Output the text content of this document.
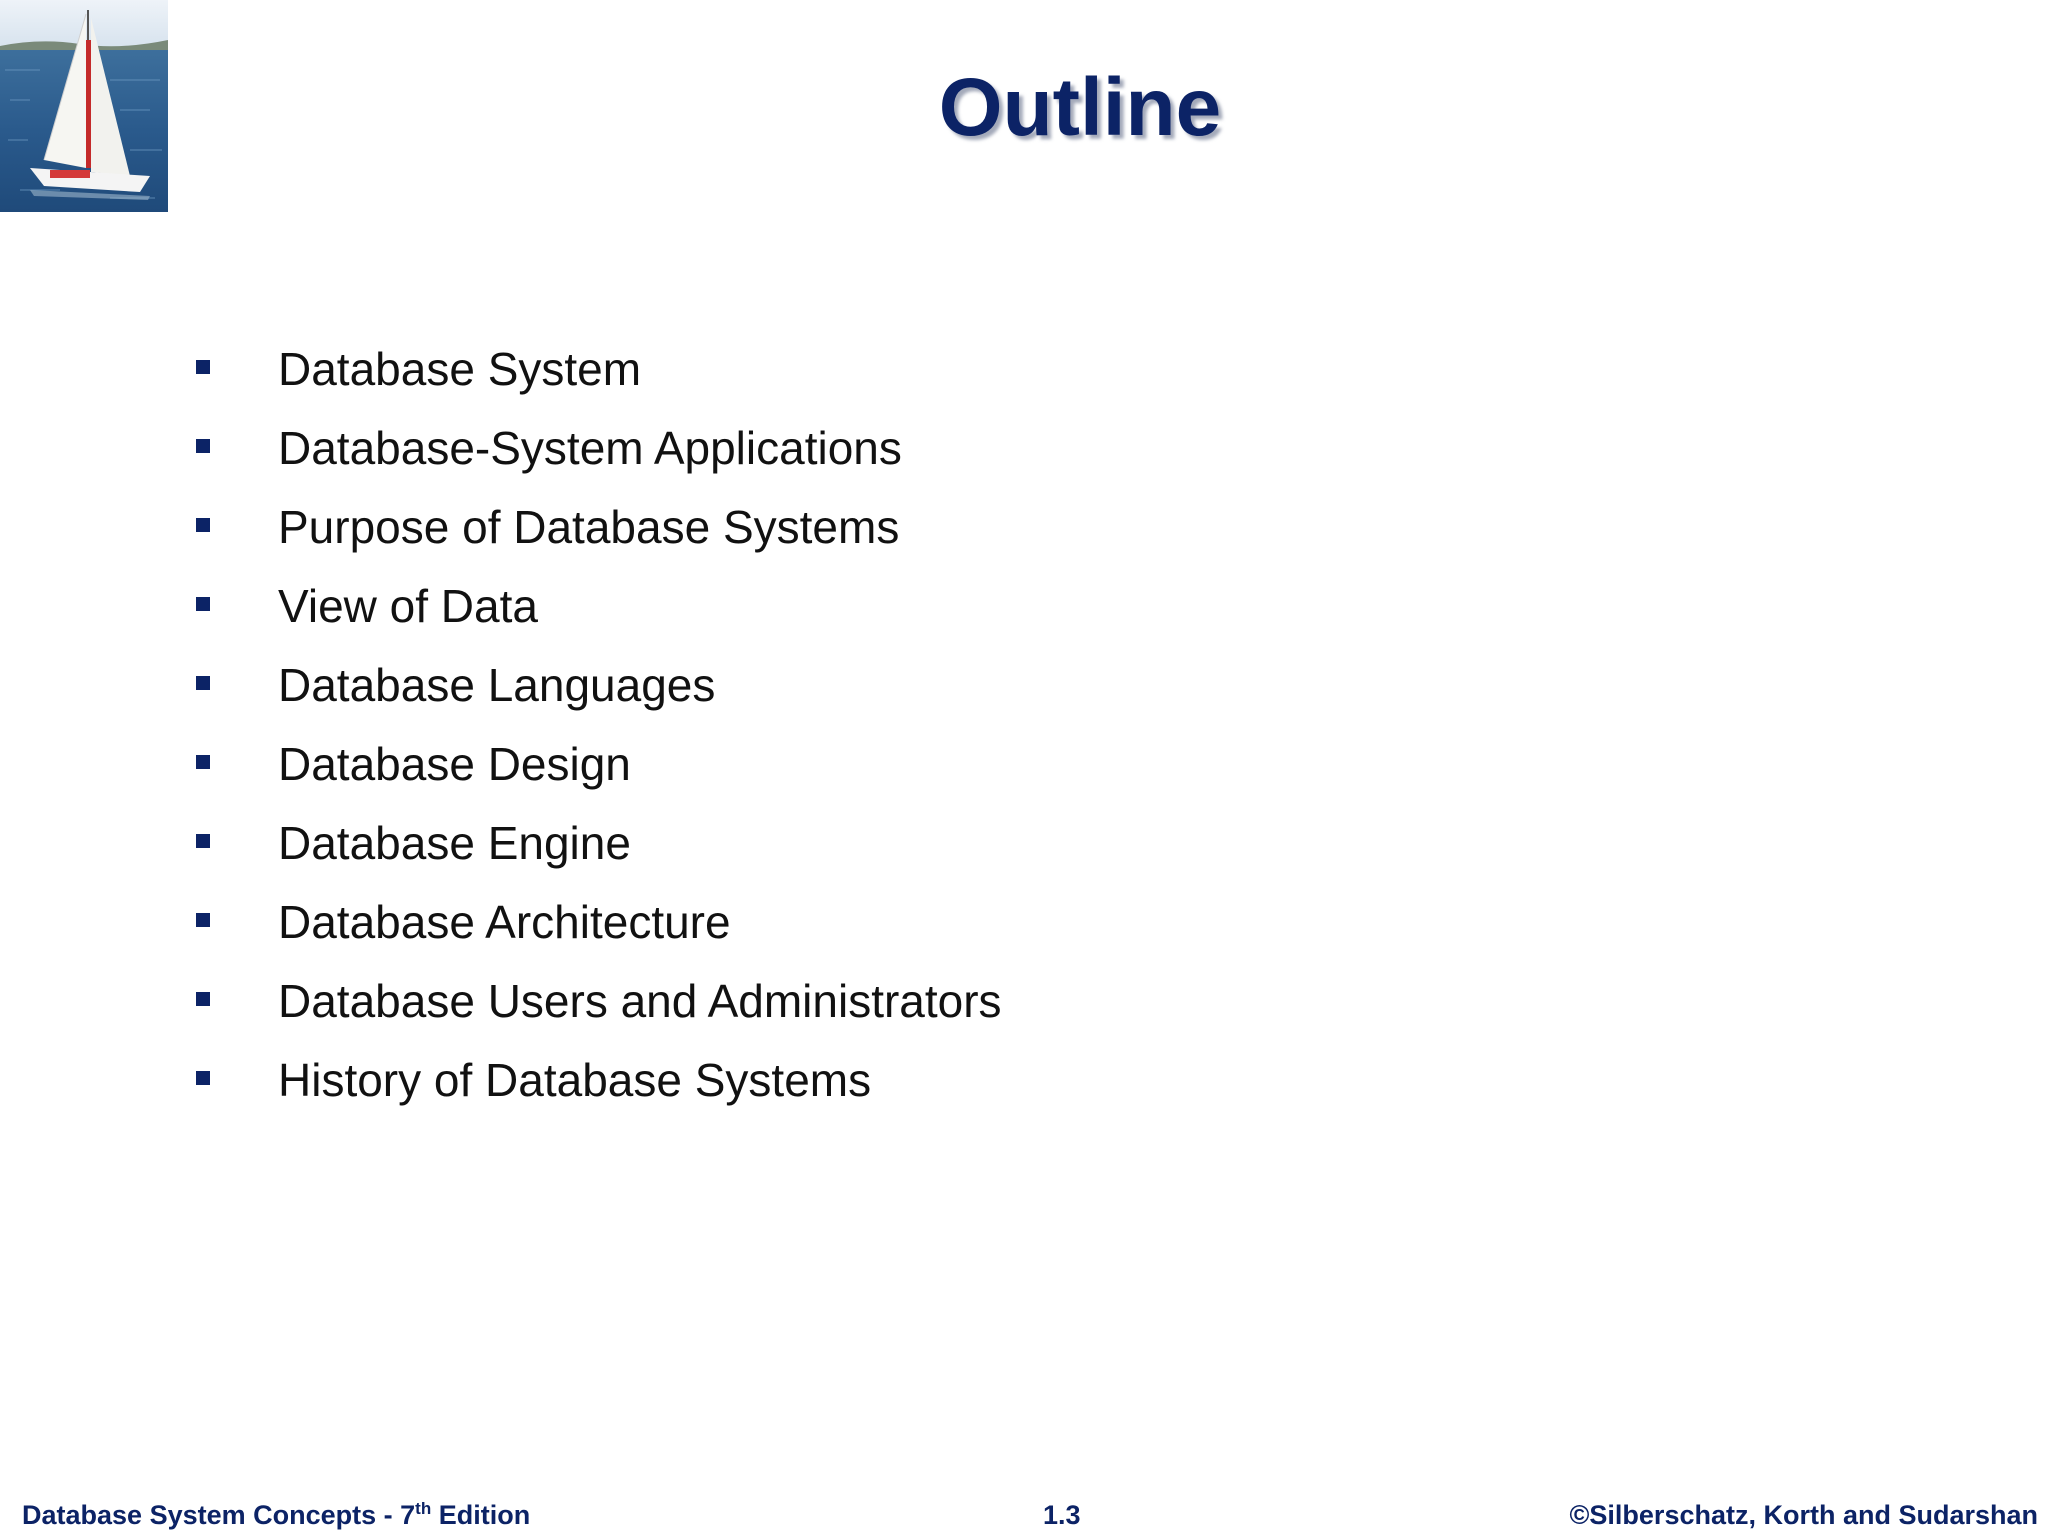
Outline
Database System
Database-System Applications
Purpose of Database Systems
View of Data
Database Languages
Database Design
Database Engine
Database Architecture
Database Users and Administrators
History of Database Systems
Database System Concepts - 7th Edition	1.3	©Silberschatz, Korth and Sudarshan
